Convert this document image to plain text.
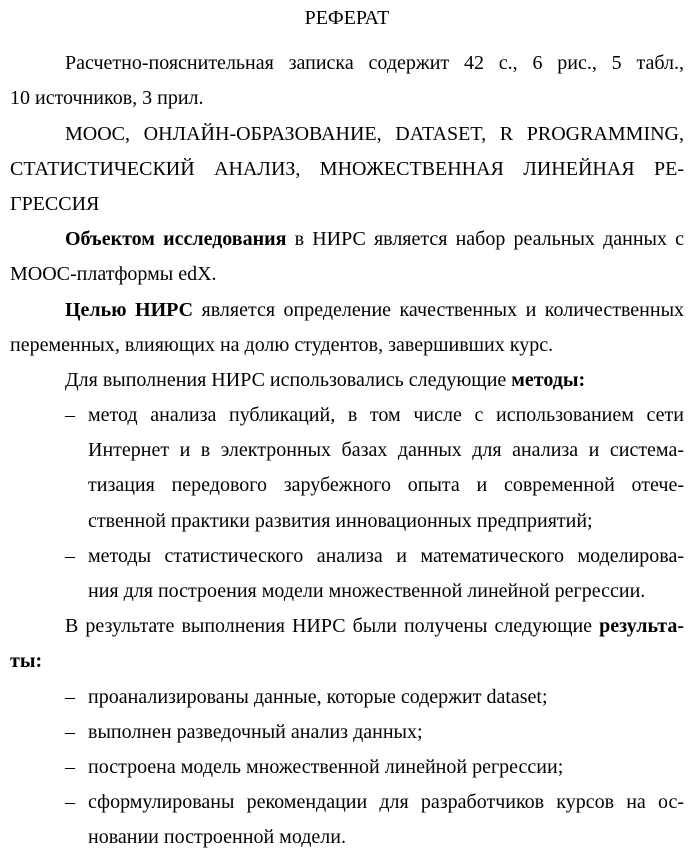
РЕФЕРАТ
Расчетно-пояснительная записка содержит 42 с., 6 рис., 5 табл.,
10 источников, 3 прил.
MOOC, ОНЛАЙН-ОБРАЗОВАНИЕ, DATASET, R PROGRAMMING,
СТАТИСТИЧЕСКИЙ АНАЛИЗ, МНОЖЕСТВЕННАЯ ЛИНЕЙНАЯ РЕ-
ГРЕССИЯ
Объектом исследования в НИРС является набор реальных данных с
MOOC-платформы edX.
Целью НИРС является определение качественных и количественных
переменных, влияющих на долю студентов, завершивших курс.
Для выполнения НИРС использовались следующие методы:
– метод анализа публикаций, в том числе с использованием сети
Интернет и в электронных базах данных для анализа и система-
тизация передового зарубежного опыта и современной отече-
ственной практики развития инновационных предприятий;
– методы статистического анализа и математического моделирова-
ния для построения модели множественной линейной регрессии.
В результате выполнения НИРС были получены следующие результа-
ты:
– проанализированы данные, которые содержит dataset;
– выполнен разведочный анализ данных;
– построена модель множественной линейной регрессии;
– сформулированы рекомендации для разработчиков курсов на ос-
новании построенной модели.
